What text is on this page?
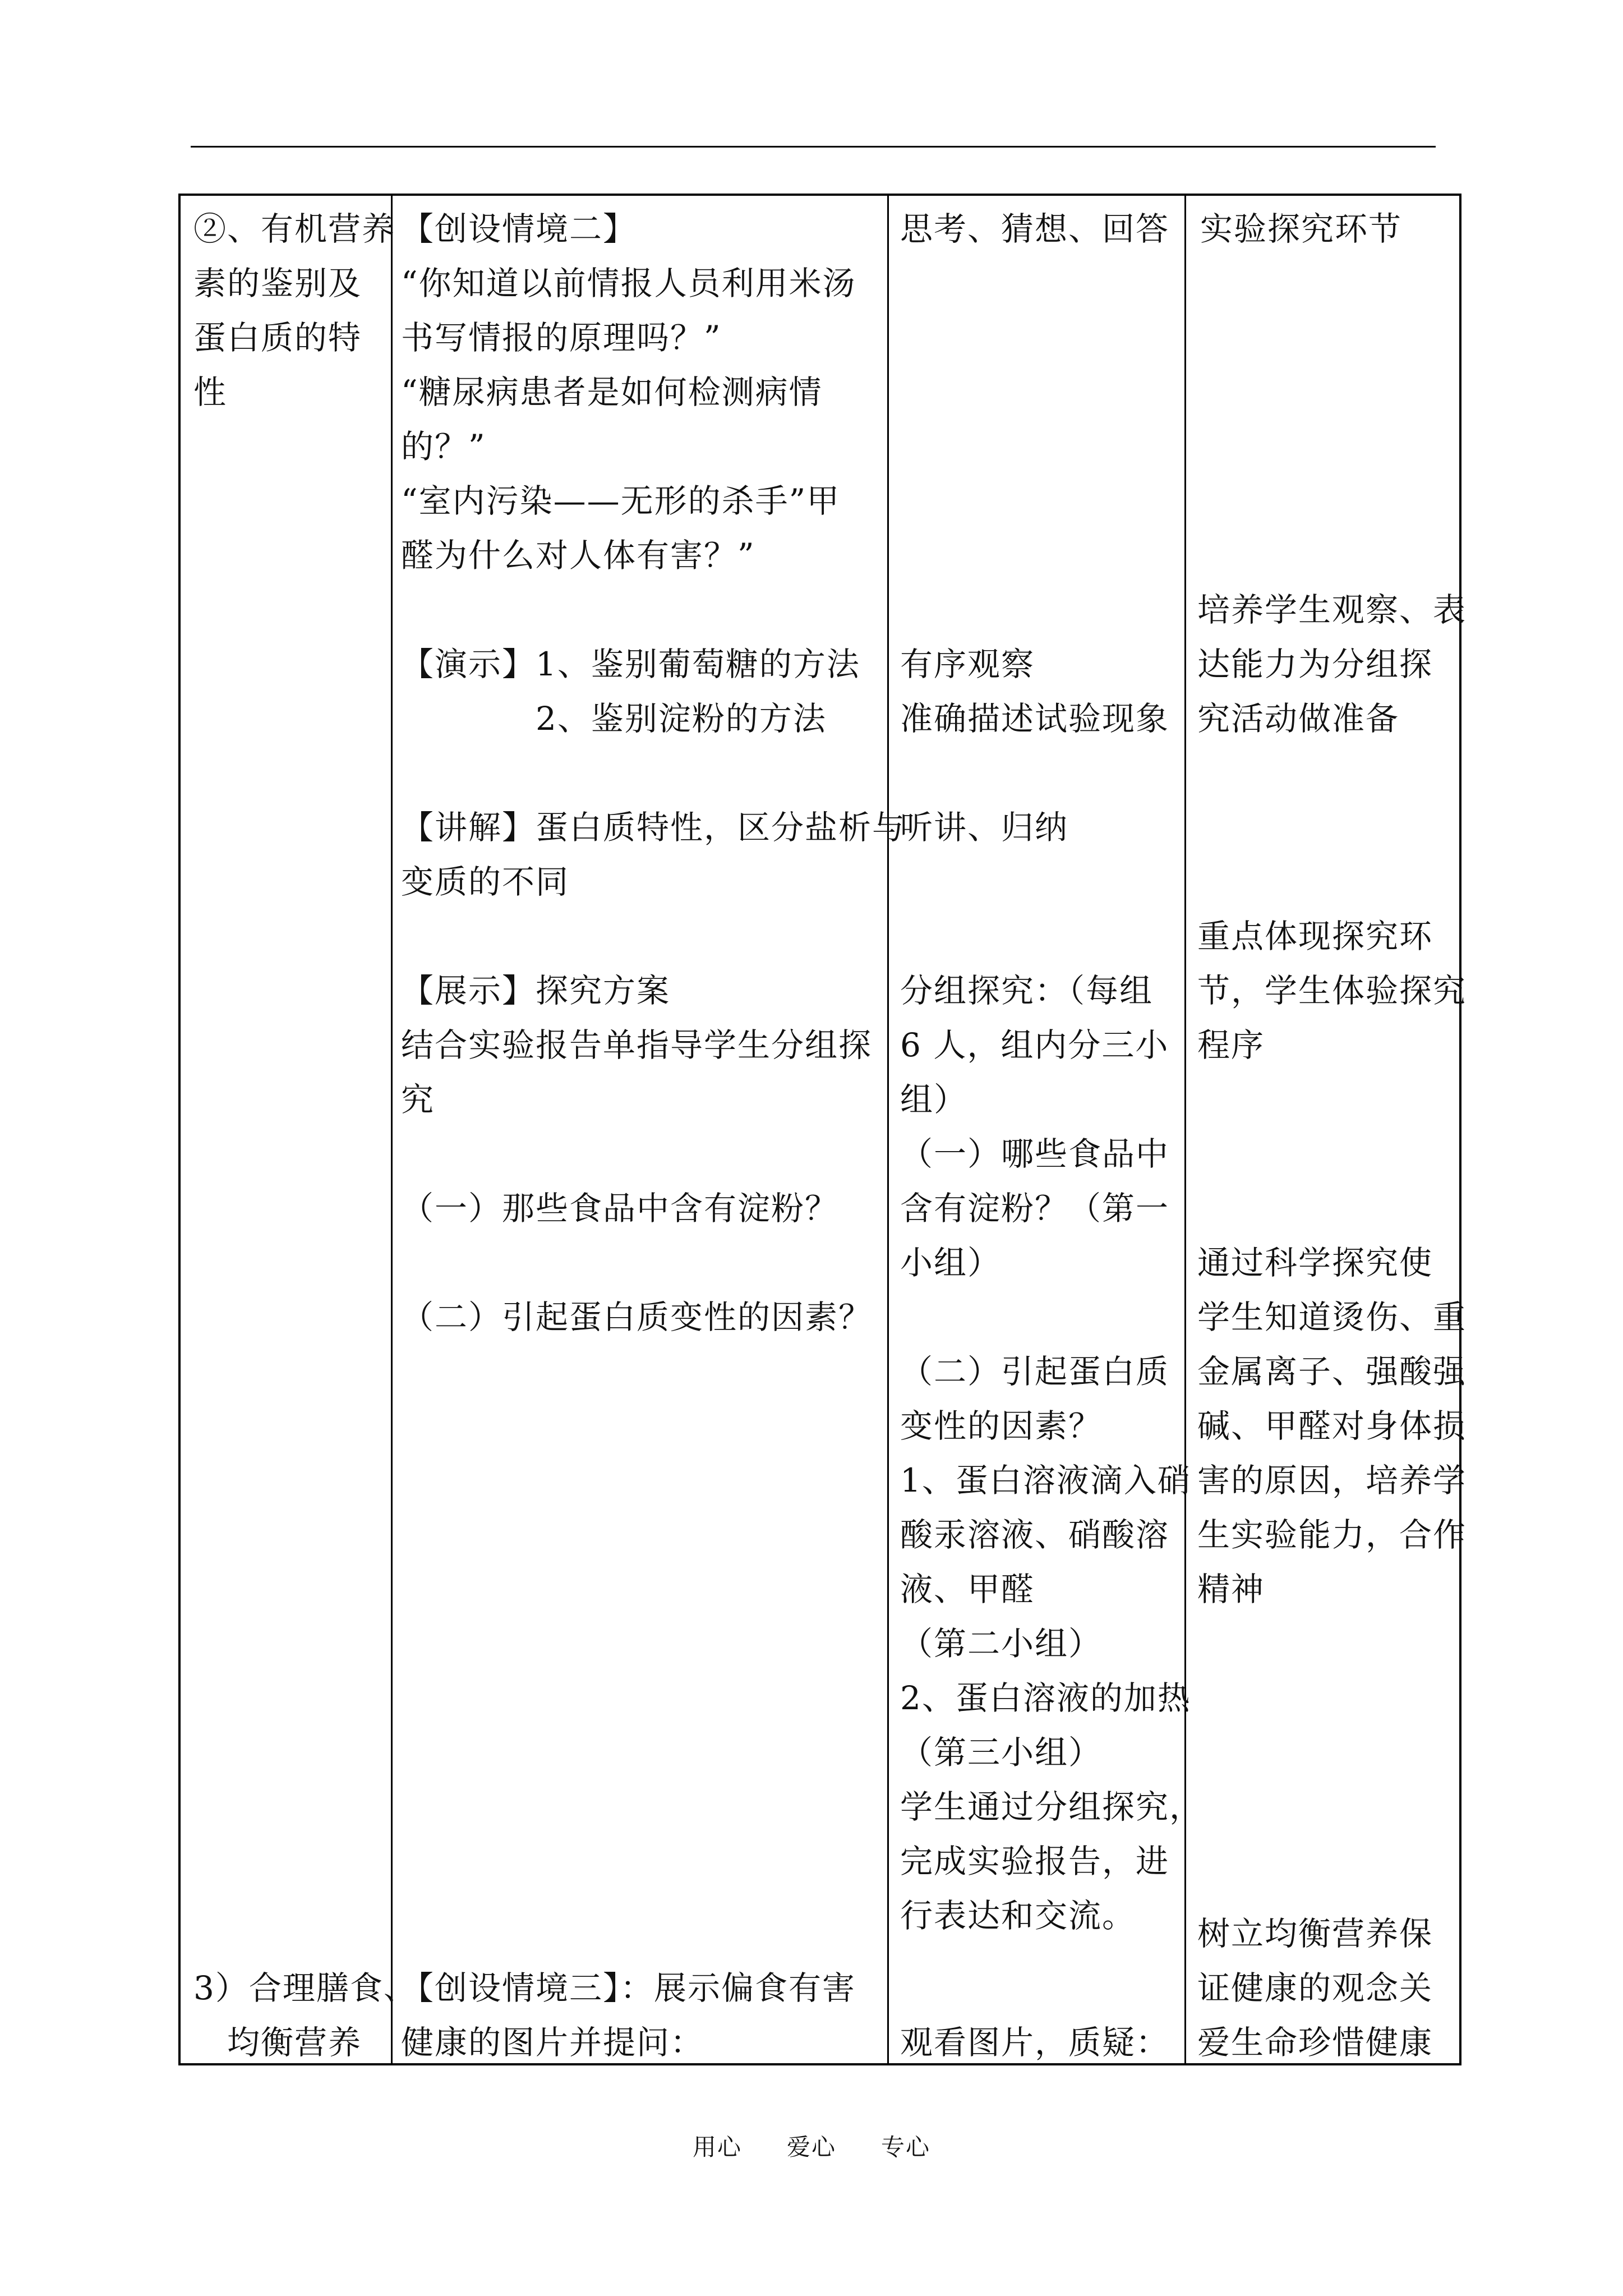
②、有机营养
素的鉴别及
蛋白质的特
性
3）合理膳食、
　均衡营养
【创设情境二】
“你知道以前情报人员利用米汤
书写情报的原理吗？”
“糖尿病患者是如何检测病情
的？”
“室内污染——无形的杀手”甲
醛为什么对人体有害？”
【演示】1、鉴别葡萄糖的方法
　　　　2、鉴别淀粉的方法
【讲解】蛋白质特性，区分盐析与
变质的不同
【展示】探究方案
结合实验报告单指导学生分组探
究
（一）那些食品中含有淀粉？
（二）引起蛋白质变性的因素？
【创设情境三】：展示偏食有害
健康的图片并提问：
思考、猜想、回答
有序观察
准确描述试验现象
听讲、归纳
分组探究：（每组
6 人，组内分三小
组）
（一）哪些食品中
含有淀粉？（第一
小组）
（二）引起蛋白质
变性的因素？
1、蛋白溶液滴入硝
酸汞溶液、硝酸溶
液、甲醛
（第二小组）
2、蛋白溶液的加热
（第三小组）
学生通过分组探究，
完成实验报告，进
行表达和交流。
观看图片，质疑：
实验探究环节
培养学生观察、表
达能力为分组探
究活动做准备
重点体现探究环
节，学生体验探究
程序
通过科学探究使
学生知道烫伤、重
金属离子、强酸强
碱、甲醛对身体损
害的原因，培养学
生实验能力，合作
精神
树立均衡营养保
证健康的观念关
爱生命珍惜健康
用心 爱心 专心
